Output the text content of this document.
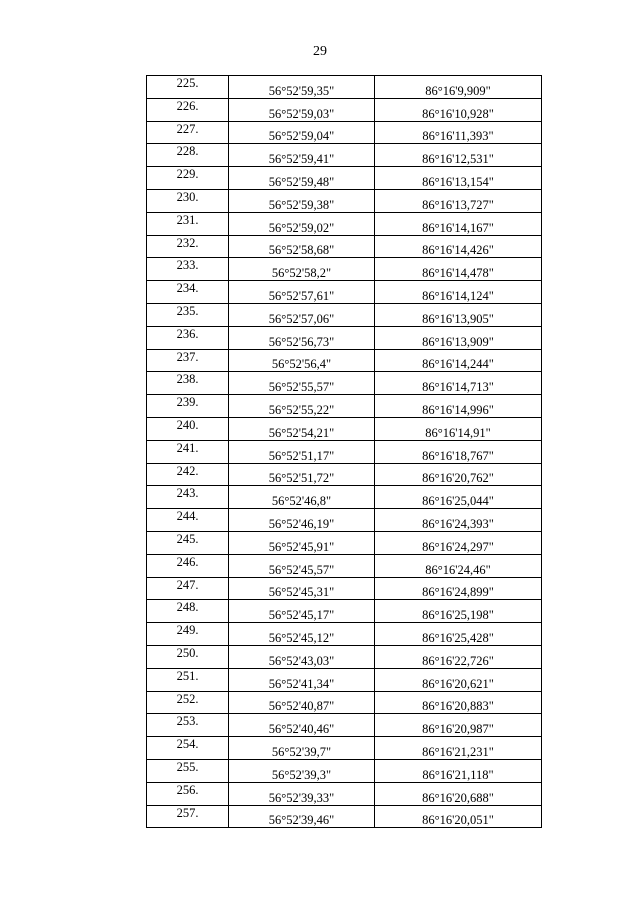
29
225.	56°52'59,35"	86°16'9,909"
226.	56°52'59,03"	86°16'10,928"
227.	56°52'59,04"	86°16'11,393"
228.	56°52'59,41"	86°16'12,531"
229.	56°52'59,48"	86°16'13,154"
230.	56°52'59,38"	86°16'13,727"
231.	56°52'59,02"	86°16'14,167"
232.	56°52'58,68"	86°16'14,426"
233.	56°52'58,2"	86°16'14,478"
234.	56°52'57,61"	86°16'14,124"
235.	56°52'57,06"	86°16'13,905"
236.	56°52'56,73"	86°16'13,909"
237.	56°52'56,4"	86°16'14,244"
238.	56°52'55,57"	86°16'14,713"
239.	56°52'55,22"	86°16'14,996"
240.	56°52'54,21"	86°16'14,91"
241.	56°52'51,17"	86°16'18,767"
242.	56°52'51,72"	86°16'20,762"
243.	56°52'46,8"	86°16'25,044"
244.	56°52'46,19"	86°16'24,393"
245.	56°52'45,91"	86°16'24,297"
246.	56°52'45,57"	86°16'24,46"
247.	56°52'45,31"	86°16'24,899"
248.	56°52'45,17"	86°16'25,198"
249.	56°52'45,12"	86°16'25,428"
250.	56°52'43,03"	86°16'22,726"
251.	56°52'41,34"	86°16'20,621"
252.	56°52'40,87"	86°16'20,883"
253.	56°52'40,46"	86°16'20,987"
254.	56°52'39,7"	86°16'21,231"
255.	56°52'39,3"	86°16'21,118"
256.	56°52'39,33"	86°16'20,688"
257.	56°52'39,46"	86°16'20,051"
